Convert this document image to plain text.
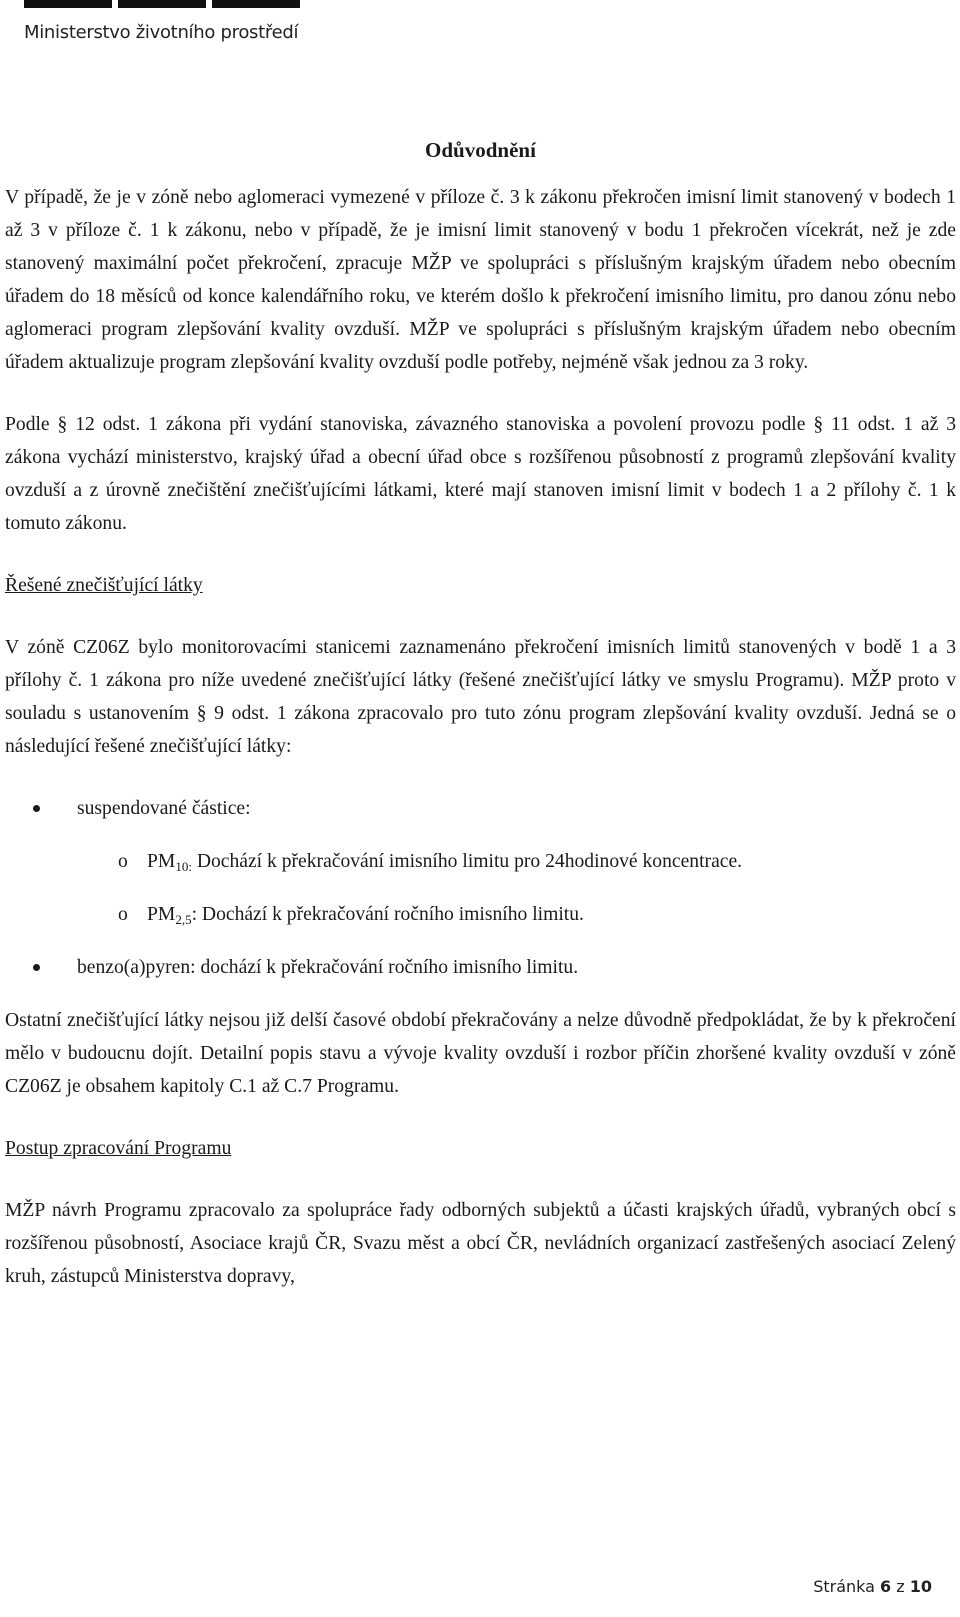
Ministerstvo životního prostředí
Odůvodnění

V případě, že je v zóně nebo aglomeraci vymezené v příloze č. 3 k zákonu překročen imisní limit stanovený v bodech 1 až 3 v příloze č. 1 k zákonu, nebo v případě, že je imisní limit stanovený v bodu 1 překročen vícekrát, než je zde stanovený maximální počet překročení, zpracuje MŽP ve spolupráci s příslušným krajským úřadem nebo obecním úřadem do 18 měsíců od konce kalendářního roku, ve kterém došlo k překročení imisního limitu, pro danou zónu nebo aglomeraci program zlepšování kvality ovzduší. MŽP ve spolupráci s příslušným krajským úřadem nebo obecním úřadem aktualizuje program zlepšování kvality ovzduší podle potřeby, nejméně však jednou za 3 roky.

Podle § 12 odst. 1 zákona při vydání stanoviska, závazného stanoviska a povolení provozu podle § 11 odst. 1 až 3 zákona vychází ministerstvo, krajský úřad a obecní úřad obce s rozšířenou působností z programů zlepšování kvality ovzduší a z úrovně znečištění znečišťujícími látkami, které mají stanoven imisní limit v bodech 1 a 2 přílohy č. 1 k tomuto zákonu.

Řešené znečišťující látky

V zóně CZ06Z bylo monitorovacími stanicemi zaznamenáno překročení imisních limitů stanovených v bodě 1 a 3 přílohy č. 1 zákona pro níže uvedené znečišťující látky (řešené znečišťující látky ve smyslu Programu). MŽP proto v souladu s ustanovením § 9 odst. 1 zákona zpracovalo pro tuto zónu program zlepšování kvality ovzduší. Jedná se o následující řešené znečišťující látky:

suspendované částice:
o $PM_{10:}$ Dochází k překračování imisního limitu pro 24hodinové koncentrace.
o $PM_{2,5}$: Dochází k překračování ročního imisního limitu.
benzo(a)pyren: dochází k překračování ročního imisního limitu.

Ostatní znečišťující látky nejsou již delší časové období překračovány a nelze důvodně předpokládat, že by k překročení mělo v budoucnu dojít. Detailní popis stavu a vývoje kvality ovzduší i rozbor příčin zhoršené kvality ovzduší v zóně CZ06Z je obsahem kapitoly C.1 až C.7 Programu.

Postup zpracování Programu

MŽP návrh Programu zpracovalo za spolupráce řady odborných subjektů a účasti krajských úřadů, vybraných obcí s rozšířenou působností, Asociace krajů ČR, Svazu měst a obcí ČR, nevládních organizací zastřešených asociací Zelený kruh, zástupců Ministerstva dopravy,

Stránka 6 z 10
